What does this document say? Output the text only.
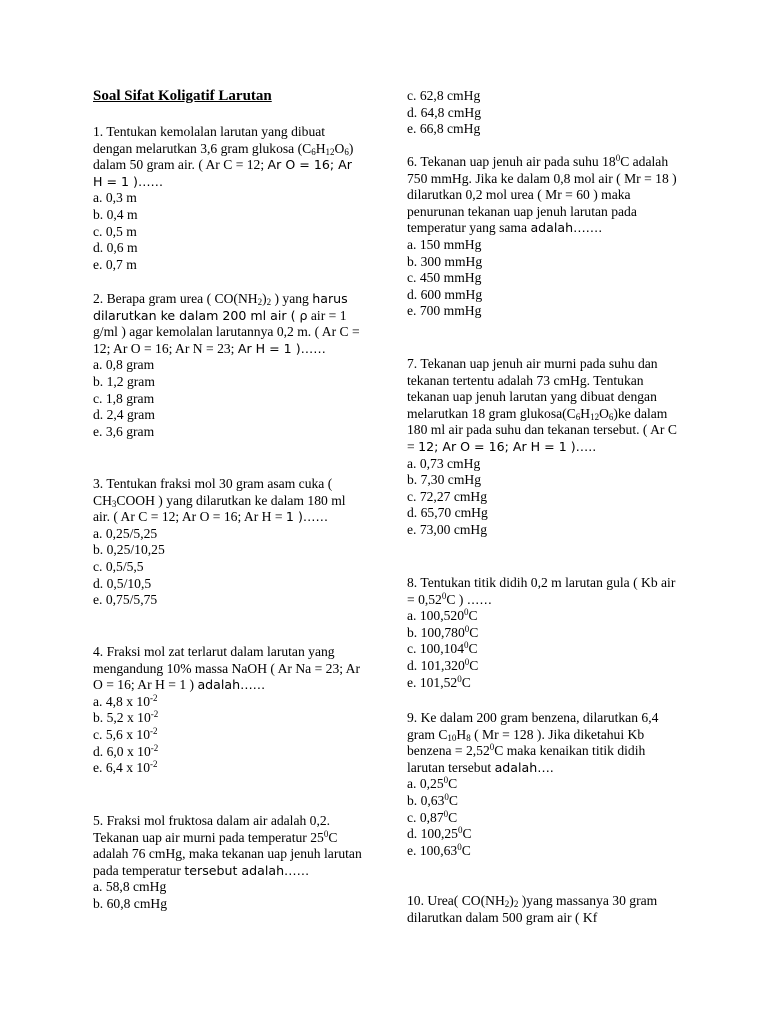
Soal Sifat Koligatif Larutan

1. Tentukan kemolalan larutan yang dibuat dengan melarutkan 3,6 gram glukosa $(C_6H_{12}O_6)$ dalam 50 gram air. ( Ar C = 12; Ar O = 16; Ar H = 1 )……

a. 0,3 m
b. 0,4 m
c. 0,5 m
d. 0,6 m
e. 0,7 m

2. Berapa gram urea ( $CO(NH_2)_2$ ) yang harus dilarutkan ke dalam 200 ml air ( ρ air = 1 g/ml ) agar kemolalan larutannya 0,2 m. ( Ar C = 12; Ar O = 16; Ar N = 23; Ar H = 1 )……

a. 0,8 gram
b. 1,2 gram
c. 1,8 gram
d. 2,4 gram
e. 3,6 gram

3. Tentukan fraksi mol 30 gram asam cuka ( $CH_3COOH$ ) yang dilarutkan ke dalam 180 ml air. ( Ar C = 12; Ar O = 16; Ar H = 1 )……

a. 0,25/5,25
b. 0,25/10,25
c. 0,5/5,5
d. 0,5/10,5
e. 0,75/5,75

4. Fraksi mol zat terlarut dalam larutan yang mengandung 10% massa NaOH ( Ar Na = 23; Ar O = 16; Ar H = 1 ) adalah……

a. 4,8 x $10^{-2}$
b. 5,2 x $10^{-2}$
c. 5,6 x $10^{-2}$
d. 6,0 x $10^{-2}$
e. 6,4 x $10^{-2}$

5. Fraksi mol fruktosa dalam air adalah 0,2. Tekanan uap air murni pada temperatur $25^0C$ adalah 76 cmHg, maka tekanan uap jenuh larutan pada temperatur tersebut adalah……

a. 58,8 cmHg
b. 60,8 cmHg
c. 62,8 cmHg
d. 64,8 cmHg
e. 66,8 cmHg

6. Tekanan uap jenuh air pada suhu $18^0C$ adalah 750 mmHg. Jika ke dalam 0,8 mol air ( Mr = 18 ) dilarutkan 0,2 mol urea ( Mr = 60 ) maka penurunan tekanan uap jenuh larutan pada temperatur yang sama adalah…….

a. 150 mmHg
b. 300 mmHg
c. 450 mmHg
d. 600 mmHg
e. 700 mmHg

7. Tekanan uap jenuh air murni pada suhu dan tekanan tertentu adalah 73 cmHg. Tentukan tekanan uap jenuh larutan yang dibuat dengan melarutkan 18 gram $glukosa(C_6H_{12}O_6)ke$ dalam 180 ml air pada suhu dan tekanan tersebut. ( Ar C = 12; Ar O = 16; Ar H = 1 )…..

a. 0,73 cmHg
b. 7,30 cmHg
c. 72,27 cmHg
d. 65,70 cmHg
e. 73,00 cmHg

8. Tentukan titik didih 0,2 m larutan gula ( Kb air = $0,52^0C$ ) ……

a. 100,520$^0$C
b. 100,780$^0$C
c. 100,104$^0$C
d. 101,320$^0$C
e. 101,52$^0$C

9. Ke dalam 200 gram benzena, dilarutkan 6,4 gram $C_{10}H_8$ ( Mr = 128 ). Jika diketahui Kb benzena = $2,52^0C$ maka kenaikan titik didih larutan tersebut adalah….

a. 0,25$^0$C
b. 0,63$^0$C
c. 0,87$^0$C
d. 100,25$^0$C
e. 100,63$^0$C

10. Urea( $CO(NH_2)_2$ )yang massanya 30 gram dilarutkan dalam 500 gram air ( Kf
